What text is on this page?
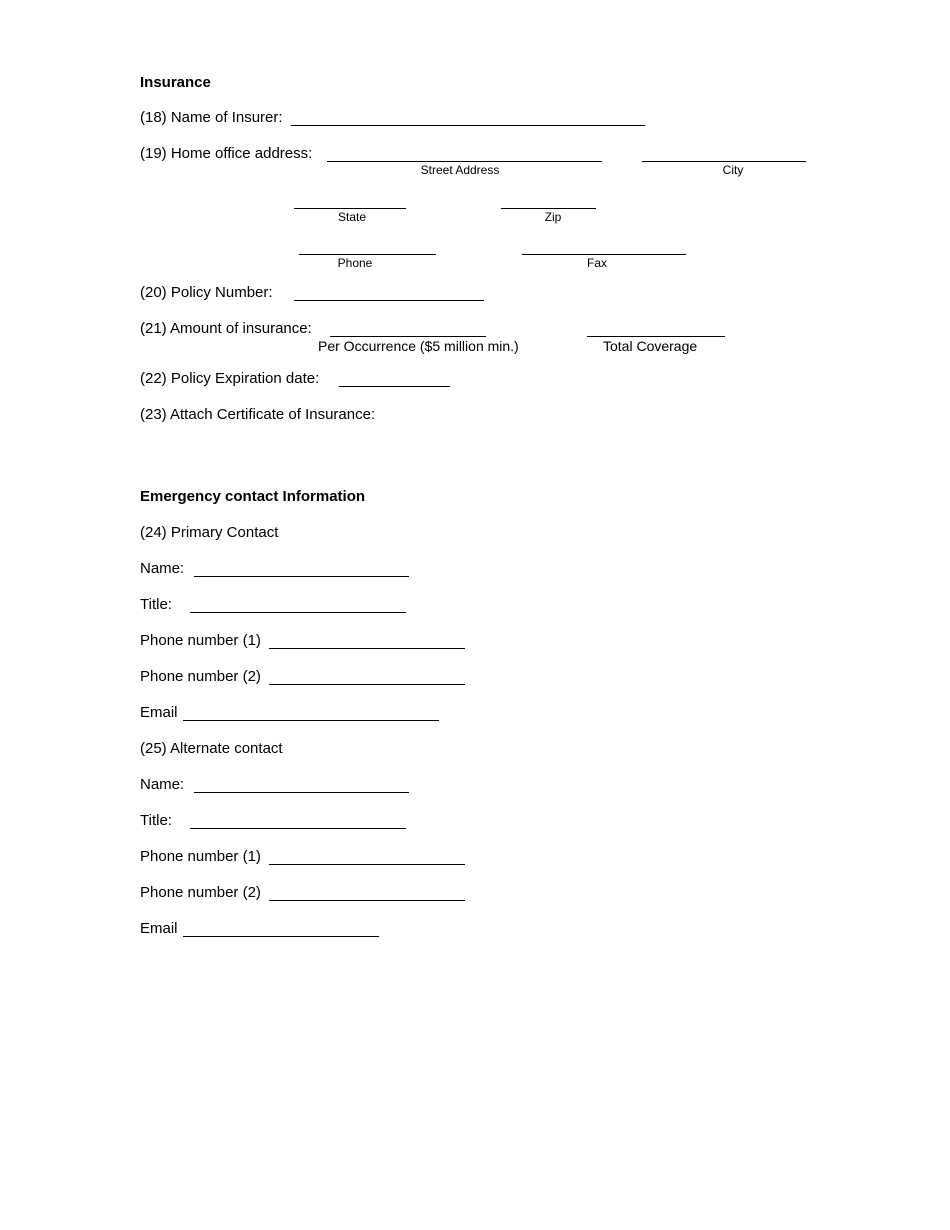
Insurance
(18) Name of Insurer:
(19) Home office address:
Street Address	City
State	Zip
Phone	Fax
(20) Policy Number:
(21) Amount of insurance:
Per Occurrence ($5 million min.)	Total Coverage
(22) Policy Expiration date:
(23) Attach Certificate of Insurance:
Emergency contact Information
(24) Primary Contact
Name:
Title:
Phone number (1)
Phone number (2)
Email
(25) Alternate contact
Name:
Title:
Phone number (1)
Phone number (2)
Email
